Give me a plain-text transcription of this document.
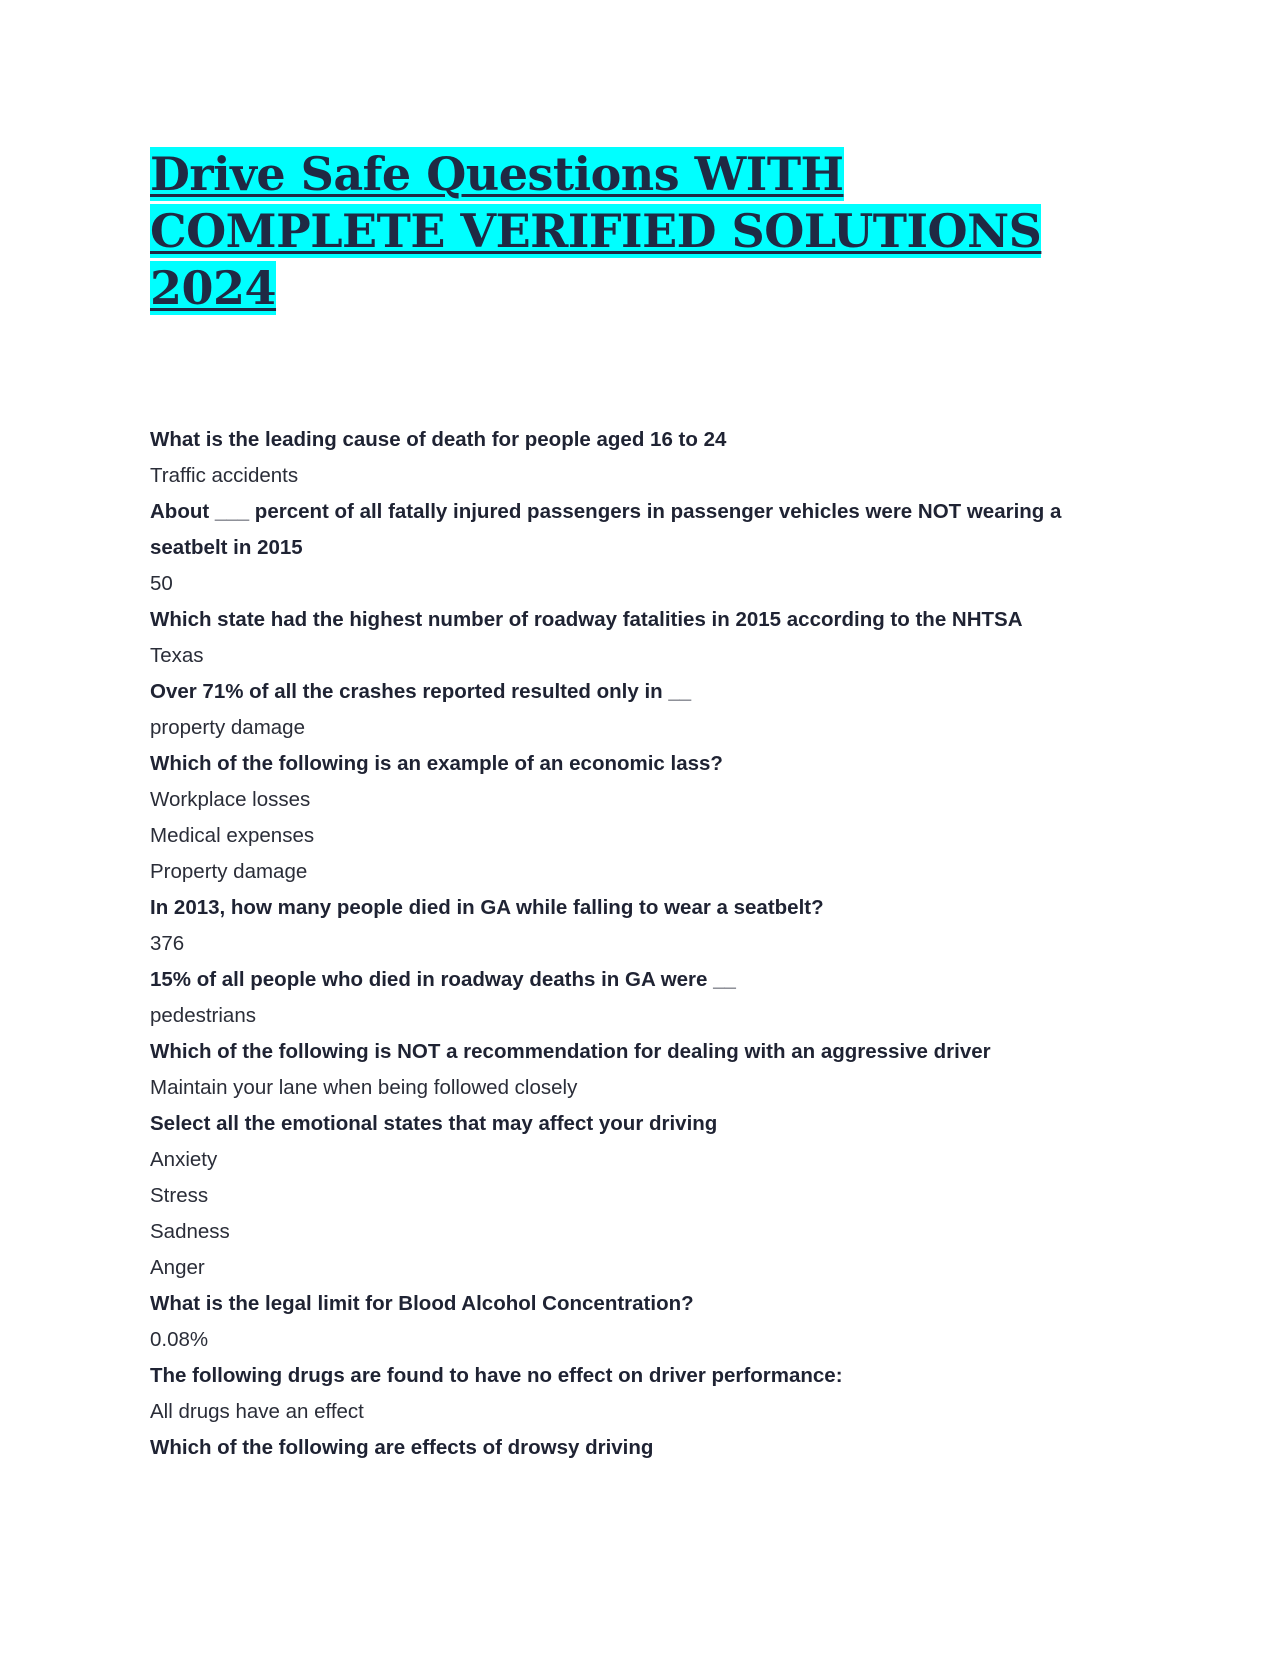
Drive Safe Questions WITH
COMPLETE VERIFIED SOLUTIONS
2024

What is the leading cause of death for people aged 16 to 24

Traffic accidents

About ___ percent of all fatally injured passengers in passenger vehicles were NOT wearing a seatbelt in 2015

50

Which state had the highest number of roadway fatalities in 2015 according to the NHTSA

Texas

Over 71% of all the crashes reported resulted only in __

property damage

Which of the following is an example of an economic lass?

Workplace losses

Medical expenses

Property damage

In 2013, how many people died in GA while falling to wear a seatbelt?

376

15% of all people who died in roadway deaths in GA were __

pedestrians

Which of the following is NOT a recommendation for dealing with an aggressive driver

Maintain your lane when being followed closely

Select all the emotional states that may affect your driving

Anxiety

Stress

Sadness

Anger

What is the legal limit for Blood Alcohol Concentration?

0.08%

The following drugs are found to have no effect on driver performance:

All drugs have an effect

Which of the following are effects of drowsy driving
